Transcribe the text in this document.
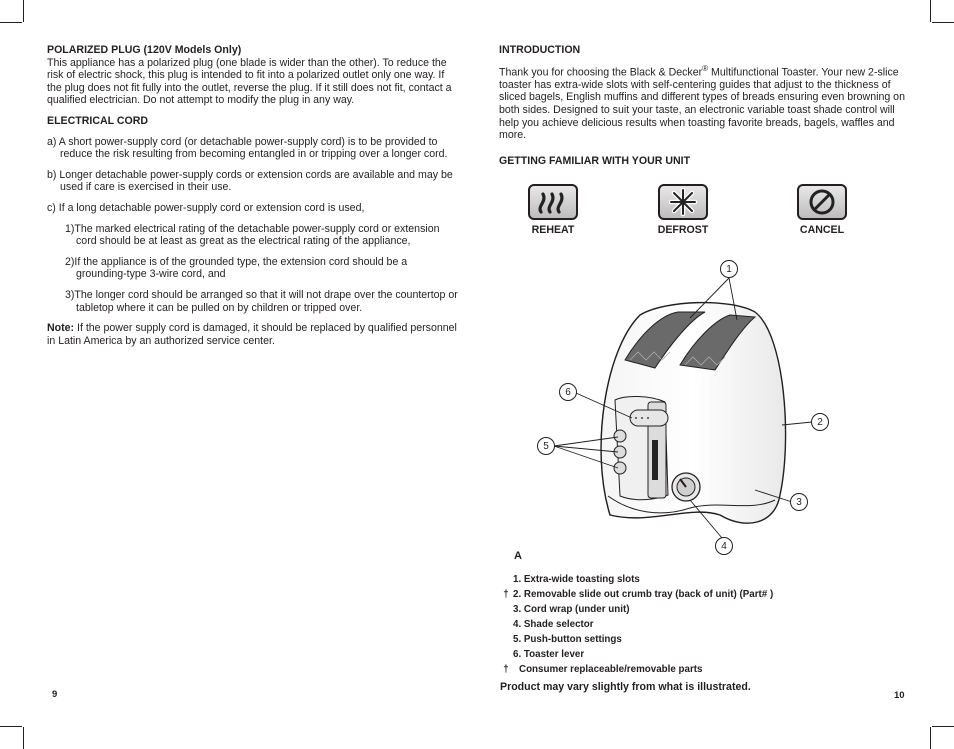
POLARIZED PLUG (120V Models Only)

This appliance has a polarized plug (one blade is wider than the other). To reduce the risk of electric shock, this plug is intended to fit into a polarized outlet only one way. If the plug does not fit fully into the outlet, reverse the plug. If it still does not fit, contact a qualified electrician. Do not attempt to modify the plug in any way.

ELECTRICAL CORD

a) A short power-supply cord (or detachable power-supply cord) is to be provided to reduce the risk resulting from becoming entangled in or tripping over a longer cord.

b) Longer detachable power-supply cords or extension cords are available and may be used if care is exercised in their use.

c) If a long detachable power-supply cord or extension cord is used,

1)The marked electrical rating of the detachable power-supply cord or extension cord should be at least as great as the electrical rating of the appliance,

2)If the appliance is of the grounded type, the extension cord should be a grounding-type 3-wire cord, and

3)The longer cord should be arranged so that it will not drape over the countertop or tabletop where it can be pulled on by children or tripped over.

Note: If the power supply cord is damaged, it should be replaced by qualified personnel in Latin America by an authorized service center.

9
INTRODUCTION

Thank you for choosing the Black & Decker® Multifunctional Toaster. Your new 2-slice toaster has extra-wide slots with self-centering guides that adjust to the thickness of sliced bagels, English muffins and different types of breads ensuring even browning on both sides. Designed to suit your taste, an electronic variable toast shade control will help you achieve delicious results when toasting favorite breads, bagels, waffles and more.

GETTING FAMILIAR WITH YOUR UNIT
REHEAT	DEFROST	CANCEL
1
2
3
4
5
6
A
1. Extra-wide toasting slots
† 2. Removable slide out crumb tray (back of unit) (Part# )
3. Cord wrap (under unit)
4. Shade selector
5. Push-button settings
6. Toaster lever
†	Consumer replaceable/removable parts
Product may vary slightly from what is illustrated.
10
